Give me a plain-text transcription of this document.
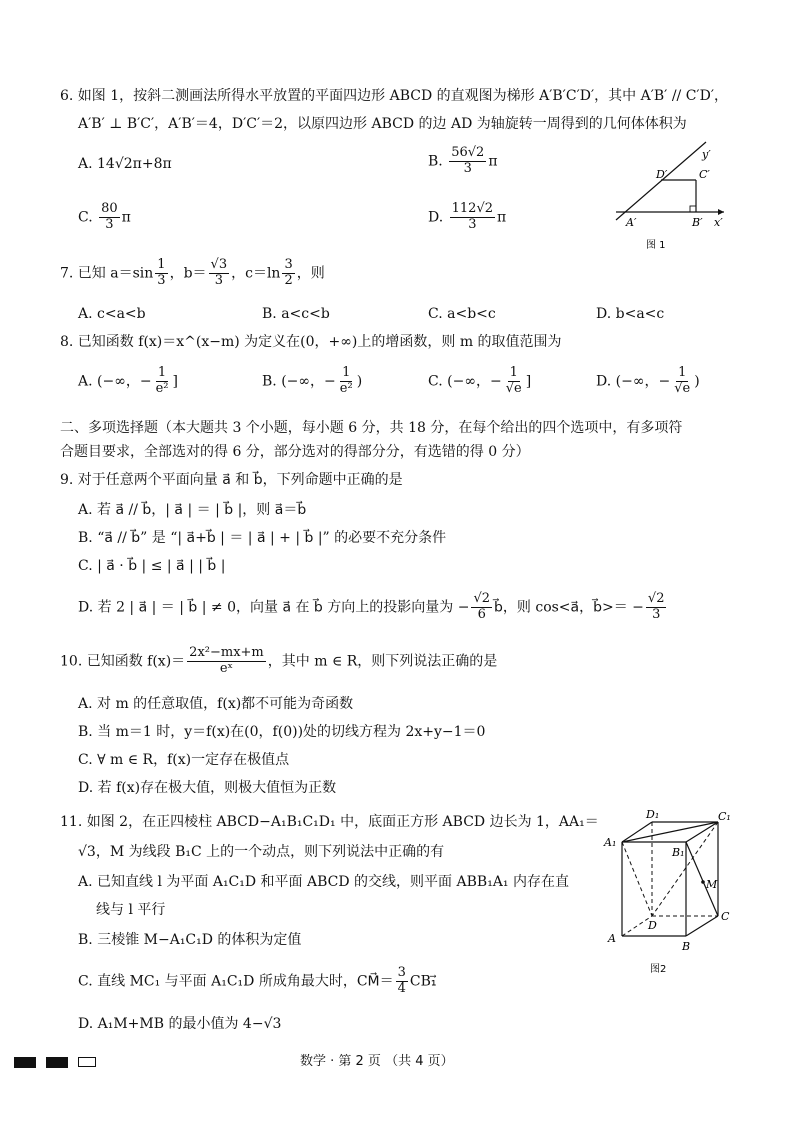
6. 如图 1，按斜二测画法所得水平放置的平面四边形 ABCD 的直观图为梯形 A′B′C′D′，其中 A′B′ // C′D′，
A′B′ ⊥ B′C′，A′B′＝4，D′C′＝2，以原四边形 ABCD 的边 AD 为轴旋转一周得到的几何体体积为
A. 14√2π+8π	B. $\frac{56√2}{3}$ π
C. $\frac{80}{3}$ π	D. $\frac{112√2}{3}$ π
y′
D′	C′
A′	B′ x′
图 1
7. 已知 $a=\sin \frac{1}{3}$ ，$b= \frac{√3}{3}$ ，$c=\ln \frac{3}{2}$ ，则
A. c<a<b	B. a<c<b	C. a<b<c	D. b<a<c
8. 已知函数 f(x)＝x^(x−m) 为定义在(0，+∞)上的增函数，则 m 的取值范围为
A. (−∞，− $\frac{1}{\text{e²}}$ ]	B. (−∞，− $\frac{1}{\text{e²}}$ )	C. (−∞，− $\frac{1}{√e}$ ]	D. (−∞，− $\frac{1}{√e}$ )
二、多项选择题（本大题共 3 个小题，每小题 6 分，共 18 分，在每个给出的四个选项中，有多项符
合题目要求，全部选对的得 6 分，部分选对的得部分分，有选错的得 0 分）
9. 对于任意两个平面向量 a⃗ 和 b⃗，下列命题中正确的是
A. 若 a⃗ // b⃗，| a⃗ | ＝ | b⃗ |，则 a⃗＝b⃗
B. “a⃗ // b⃗” 是 “| a⃗+b⃗ | ＝ | a⃗ | + | b⃗ |” 的必要不充分条件
C. | a⃗ · b⃗ | ≤ | a⃗ | | b⃗ |
D. 若 2 | a⃗ | ＝ | b⃗ | ≠ 0，向量 a⃗ 在 b⃗ 方向上的投影向量为 − $\frac{√2}{6}$ b⃗，则 cos<a⃗，b⃗>＝ − $\frac{√2}{3}$
10. 已知函数 $f(x)= \frac{\text{2x²−mx+m}}{\text{eˣ}}$ ，其中 m ∈ R，则下列说法正确的是
A. 对 m 的任意取值，f(x)都不可能为奇函数
B. 当 m＝1 时，y＝f(x)在(0，f(0))处的切线方程为 2x+y−1＝0
C. ∀ m ∈ R，f(x)一定存在极值点
D. 若 f(x)存在极大值，则极大值恒为正数
11. 如图 2，在正四棱柱 ABCD−A₁B₁C₁D₁ 中，底面正方形 ABCD 边长为 1，AA₁＝
√3，M 为线段 B₁C 上的一个动点，则下列说法中正确的有
A. 已知直线 l 为平面 A₁C₁D 和平面 ABCD 的交线，则平面 ABB₁A₁ 内存在直
线与 l 平行
B. 三棱锥 M−A₁C₁D 的体积为定值
C. 直线 MC₁ 与平面 A₁C₁D 所成角最大时，CM⃗＝ $\frac{3}{4}$ CB₁⃗
D. A₁M+MB 的最小值为 4−√3
D₁	C₁
A₁
B₁
M
D
C
A
B
图2
数学 · 第 2 页 （共 4 页）
